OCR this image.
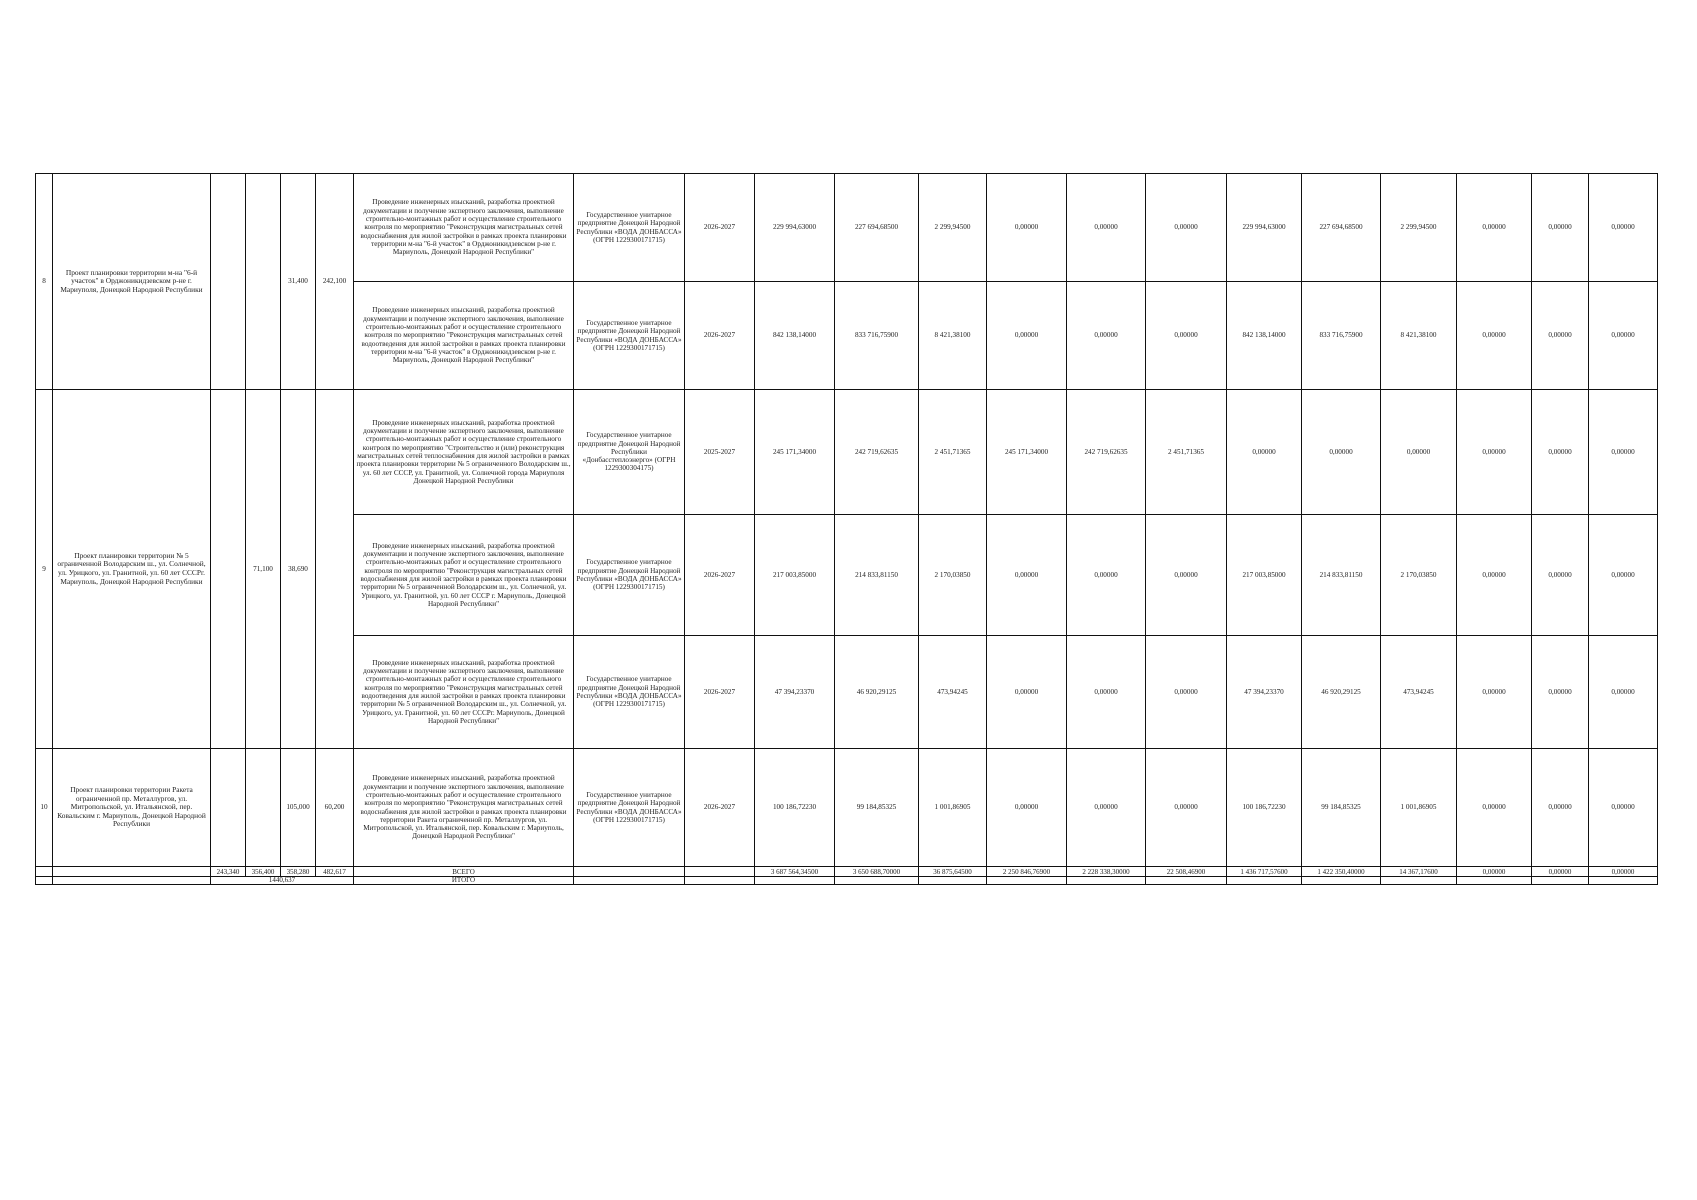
8	Проект планировки территории м-на "6-й участок" в Орджоникидзевском р-не г. Мариуполя, Донецкой Народной Республики			31,400	242,100	Проведение инженерных изысканий, разработка проектной документации и получение экспертного заключения, выполнение строительно-монтажных работ и осуществление строительного контроля по мероприятию "Реконструкция магистральных сетей водоснабжения для жилой застройки в рамках проекта планировки территории м-на "6-й участок" в Орджоникидзевском р-не г. Мариуполь, Донецкой Народной Республики"	Государственное унитарное предприятие Донецкой Народной Республики «ВОДА ДОНБАССА» (ОГРН 1229300171715)	2026-2027	229 994,63000	227 694,68500	2 299,94500	0,00000	0,00000	0,00000	229 994,63000	227 694,68500	2 299,94500	0,00000	0,00000	0,00000
						Проведение инженерных изысканий, разработка проектной документации и получение экспертного заключения, выполнение строительно-монтажных работ и осуществление строительного контроля по мероприятию "Реконструкция магистральных сетей водоотведения для жилой застройки в рамках проекта планировки территории м-на "6-й участок" в Орджоникидзевском р-не г. Мариуполь, Донецкой Народной Республики"	Государственное унитарное предприятие Донецкой Народной Республики «ВОДА ДОНБАССА» (ОГРН 1229300171715)	2026-2027	842 138,14000	833 716,75900	8 421,38100	0,00000	0,00000	0,00000	842 138,14000	833 716,75900	8 421,38100	0,00000	0,00000	0,00000
9	Проект планировки территории № 5 ограниченной Володарским ш., ул. Солнечной, ул. Урицкого, ул. Гранитной, ул. 60 лет СССРг. Мариуполь, Донецкой Народной Республики		71,100	38,690		Проведение инженерных изысканий, разработка проектной документации и получение экспертного заключения, выполнение строительно-монтажных работ и осуществление строительного контроля по мероприятию "Строительство и (или) реконструкция магистральных сетей теплоснабжения для жилой застройки в рамках проекта планировки территории № 5 ограниченного Володарским ш., ул. 60 лет СССР, ул. Гранитной, ул. Солнечной города Мариуполя Донецкой Народной Республики	Государственное унитарное предприятие Донецкой Народной Республики «Донбасстеплоэнерго» (ОГРН 1229300304175)	2025-2027	245 171,34000	242 719,62635	2 451,71365	245 171,34000	242 719,62635	2 451,71365	0,00000	0,00000	0,00000	0,00000	0,00000	0,00000
						Проведение инженерных изысканий, разработка проектной документации и получение экспертного заключения, выполнение строительно-монтажных работ и осуществление строительного контроля по мероприятию "Реконструкция магистральных сетей водоснабжения для жилой застройки в рамках проекта планировки территории № 5 ограниченной Володарским ш., ул. Солнечной, ул. Урицкого, ул. Гранитной, ул. 60 лет СССР г. Мариуполь, Донецкой Народной Республики"	Государственное унитарное предприятие Донецкой Народной Республики «ВОДА ДОНБАССА» (ОГРН 1229300171715)	2026-2027	217 003,85000	214 833,81150	2 170,03850	0,00000	0,00000	0,00000	217 003,85000	214 833,81150	2 170,03850	0,00000	0,00000	0,00000
						Проведение инженерных изысканий, разработка проектной документации и получение экспертного заключения, выполнение строительно-монтажных работ и осуществление строительного контроля по мероприятию "Реконструкция магистральных сетей водоотведения для жилой застройки в рамках проекта планировки территории № 5 ограниченной Володарским ш., ул. Солнечной, ул. Урицкого, ул. Гранитной, ул. 60 лет СССРг. Мариуполь, Донецкой Народной Республики"	Государственное унитарное предприятие Донецкой Народной Республики «ВОДА ДОНБАССА» (ОГРН 1229300171715)	2026-2027	47 394,23370	46 920,29125	473,94245	0,00000	0,00000	0,00000	47 394,23370	46 920,29125	473,94245	0,00000	0,00000	0,00000
10	Проект планировки территории Ракета ограниченной пр. Металлургов, ул. Митропольской, ул. Итальянской, пер. Ковальским г. Мариуполь, Донецкой Народной Республики			105,000	60,200	Проведение инженерных изысканий, разработка проектной документации и получение экспертного заключения, выполнение строительно-монтажных работ и осуществление строительного контроля по мероприятию "Реконструкция магистральных сетей водоснабжения для жилой застройки в рамках проекта планировки территории Ракета ограниченной пр. Металлургов, ул. Митропольской, ул. Итальянской, пер. Ковальским г. Мариуполь, Донецкой Народной Республики"	Государственное унитарное предприятие Донецкой Народной Республики «ВОДА ДОНБАССА» (ОГРН 1229300171715)	2026-2027	100 186,72230	99 184,85325	1 001,86905	0,00000	0,00000	0,00000	100 186,72230	99 184,85325	1 001,86905	0,00000	0,00000	0,00000
		243,340	356,400	358,280	482,617	ВСЕГО			3 687 564,34500	3 650 688,70000	36 875,64500	2 250 846,76900	2 228 338,30000	22 508,46900	1 436 717,57600	1 422 350,40000	14 367,17600	0,00000	0,00000	0,00000
		1440,637				ИТОГО														
